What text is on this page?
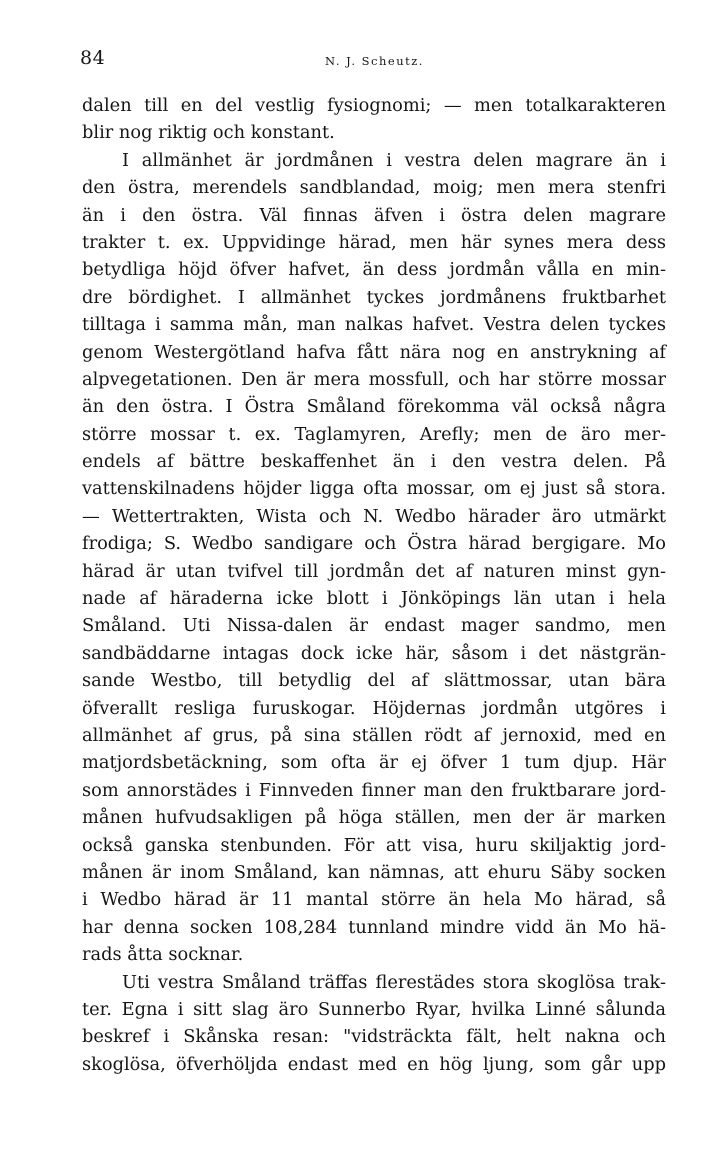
84	N. J. Scheutz.
dalen till en del vestlig fysiognomi; — men totalkarakteren
blir nog riktig och konstant.
I allmänhet är jordmånen i vestra delen magrare än i
den östra, merendels sandblandad, moig; men mera stenfri
än i den östra. Väl finnas äfven i östra delen magrare
trakter t. ex. Uppvidinge härad, men här synes mera dess
betydliga höjd öfver hafvet, än dess jordmån vålla en min-
dre bördighet. I allmänhet tyckes jordmånens fruktbarhet
tilltaga i samma mån, man nalkas hafvet. Vestra delen tyckes
genom Westergötland hafva fått nära nog en anstrykning af
alpvegetationen. Den är mera mossfull, och har större mossar
än den östra. I Östra Småland förekomma väl också några
större mossar t. ex. Taglamyren, Arefly; men de äro mer-
endels af bättre beskaffenhet än i den vestra delen. På
vattenskilnadens höjder ligga ofta mossar, om ej just så stora.
— Wettertrakten, Wista och N. Wedbo härader äro utmärkt
frodiga; S. Wedbo sandigare och Östra härad bergigare. Mo
härad är utan tvifvel till jordmån det af naturen minst gyn-
nade af häraderna icke blott i Jönköpings län utan i hela
Småland. Uti Nissa-dalen är endast mager sandmo, men
sandbäddarne intagas dock icke här, såsom i det nästgrän-
sande Westbo, till betydlig del af slättmossar, utan bära
öfverallt resliga furuskogar. Höjdernas jordmån utgöres i
allmänhet af grus, på sina ställen rödt af jernoxid, med en
matjordsbetäckning, som ofta är ej öfver 1 tum djup. Här
som annorstädes i Finnveden finner man den fruktbarare jord-
månen hufvudsakligen på höga ställen, men der är marken
också ganska stenbunden. För att visa, huru skiljaktig jord-
månen är inom Småland, kan nämnas, att ehuru Säby socken
i Wedbo härad är 11 mantal större än hela Mo härad, så
har denna socken 108,284 tunnland mindre vidd än Mo hä-
rads åtta socknar.
Uti vestra Småland träffas flerestädes stora skoglösa trak-
ter. Egna i sitt slag äro Sunnerbo Ryar, hvilka Linné sålunda
beskref i Skånska resan: "vidsträckta fält, helt nakna och
skoglösa, öfverhöljda endast med en hög ljung, som går upp
